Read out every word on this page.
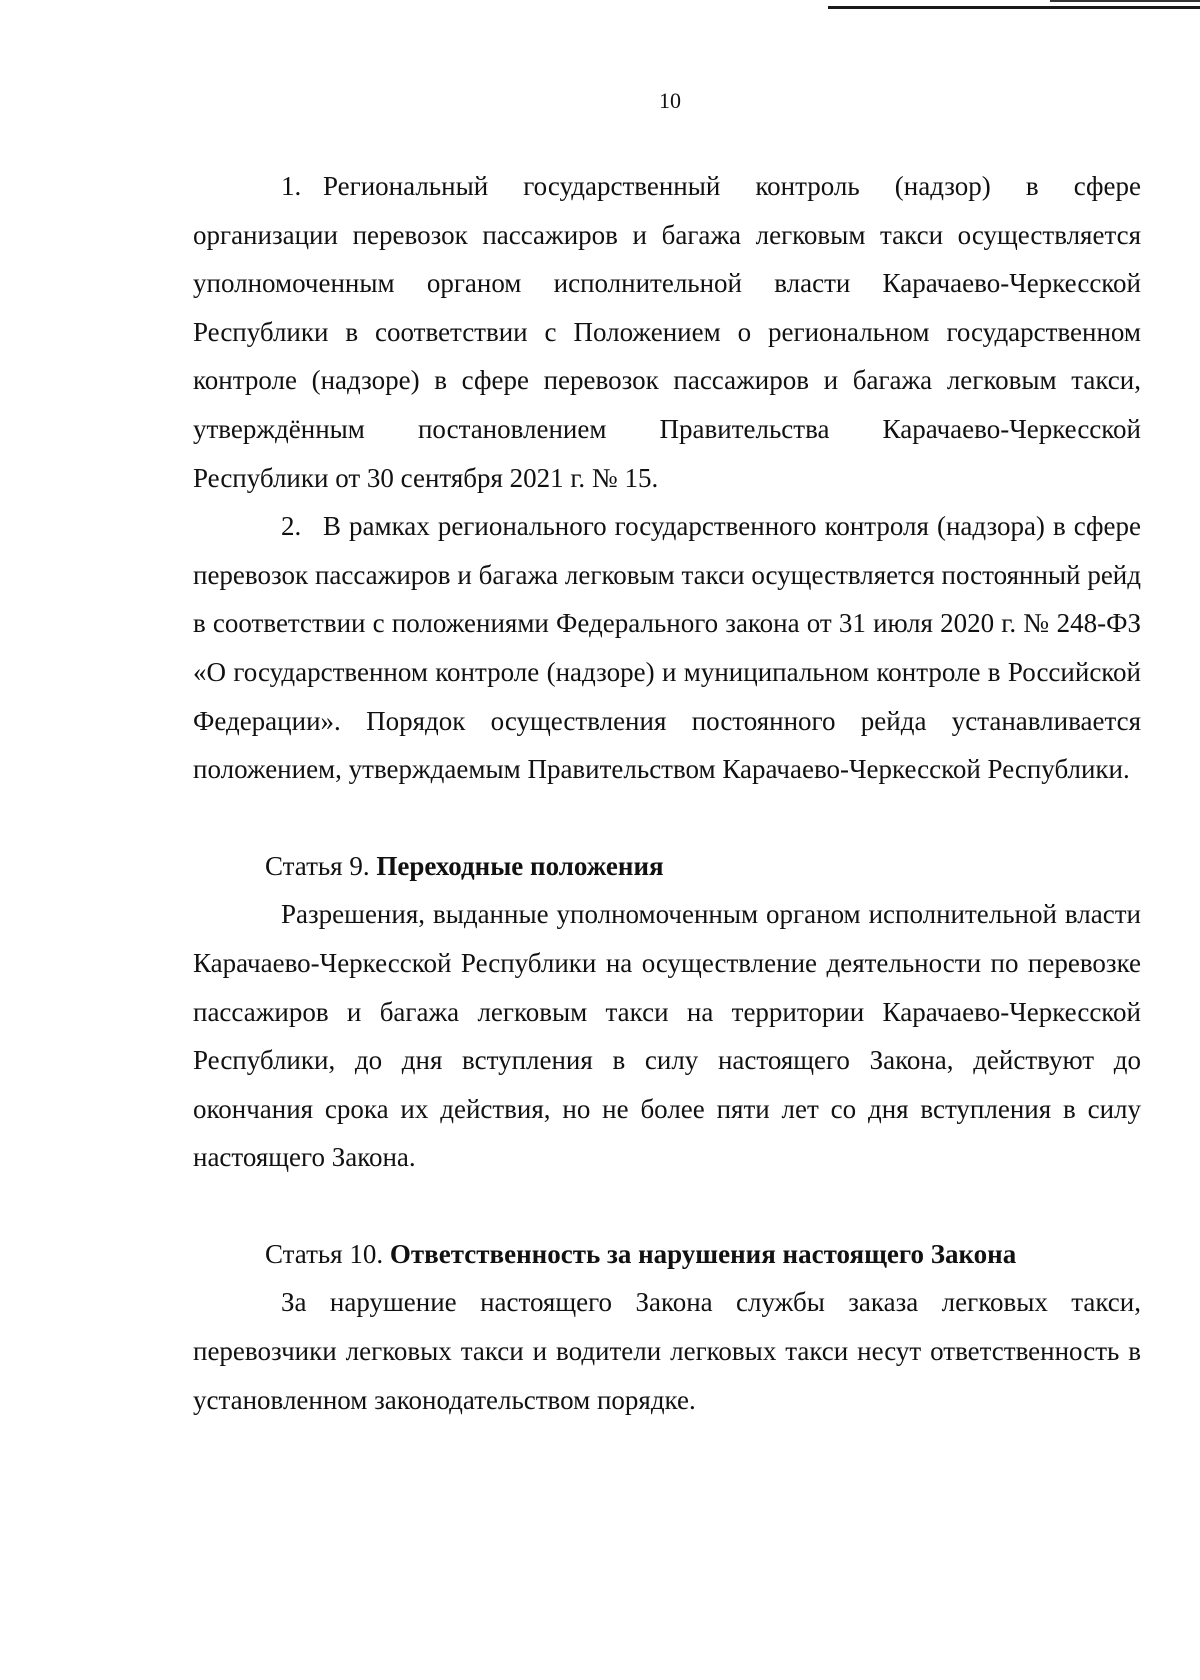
10

1. Региональный государственный контроль (надзор) в сфере организации перевозок пассажиров и багажа легковым такси осуществляется уполномоченным органом исполнительной власти Карачаево-Черкесской Республики в соответствии с Положением о региональном государственном контроле (надзоре) в сфере перевозок пассажиров и багажа легковым такси, утверждённым постановлением Правительства Карачаево-Черкесской Республики от 30 сентября 2021 г. № 15.

2. В рамках регионального государственного контроля (надзора) в сфере перевозок пассажиров и багажа легковым такси осуществляется постоянный рейд в соответствии с положениями Федерального закона от 31 июля 2020 г. № 248-ФЗ «О государственном контроле (надзоре) и муниципальном контроле в Российской Федерации». Порядок осуществления постоянного рейда устанавливается положением, утверждаемым Правительством Карачаево-Черкесской Республики.

Статья 9. Переходные положения

Разрешения, выданные уполномоченным органом исполнительной власти Карачаево-Черкесской Республики на осуществление деятельности по перевозке пассажиров и багажа легковым такси на территории Карачаево-Черкесской Республики, до дня вступления в силу настоящего Закона, действуют до окончания срока их действия, но не более пяти лет со дня вступления в силу настоящего Закона.

Статья 10. Ответственность за нарушения настоящего Закона

За нарушение настоящего Закона службы заказа легковых такси, перевозчики легковых такси и водители легковых такси несут ответственность в установленном законодательством порядке.
